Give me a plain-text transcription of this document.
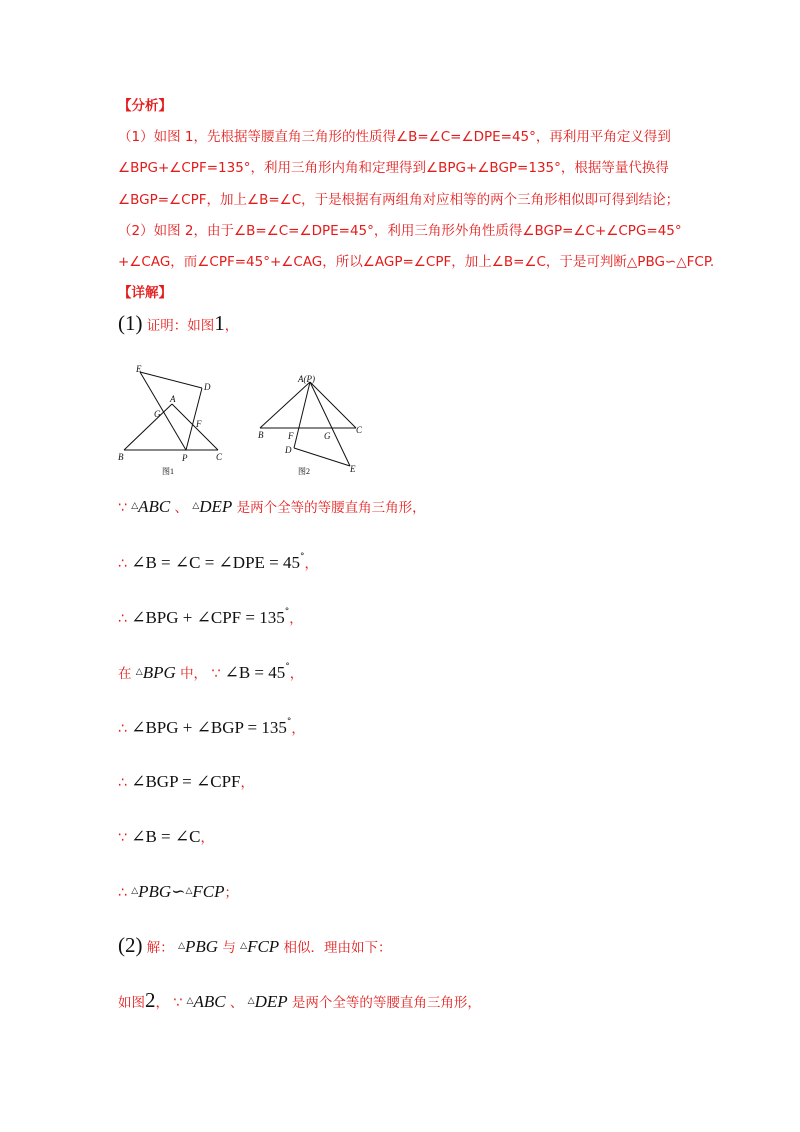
【分析】
（1）如图 1，先根据等腰直角三角形的性质得∠B=∠C=∠DPE=45°，再利用平角定义得到
∠BPG+∠CPF=135°，利用三角形内角和定理得到∠BPG+∠BGP=135°，根据等量代换得
∠BGP=∠CPF，加上∠B=∠C，于是根据有两组角对应相等的两个三角形相似即可得到结论；
（2）如图 2，由于∠B=∠C=∠DPE=45°，利用三角形外角性质得∠BGP=∠C+∠CPG=45°
+∠CAG，而∠CPF=45°+∠CAG，所以∠AGP=∠CPF，加上∠B=∠C，于是可判断△PBG∽△FCP.
【详解】
(1) 证明：如图1，
E
D
A
G
F
B	P	C
图1
A(P)
B	F	G
C
D
E
图2
∵ △ABC 、 △DEP 是两个全等的等腰直角三角形，
∴ ∠B = ∠C = ∠DPE = 45°，
∴ ∠BPG + ∠CPF = 135°，
在 △BPG 中， ∵ ∠B = 45°，
∴ ∠BPG + ∠BGP = 135°，
∴ ∠BGP = ∠CPF，
∵ ∠B = ∠C，
∴ △PBG∽△FCP；
(2) 解： △PBG 与 △FCP 相似．理由如下：
如图2， ∵ △ABC 、 △DEP 是两个全等的等腰直角三角形，
